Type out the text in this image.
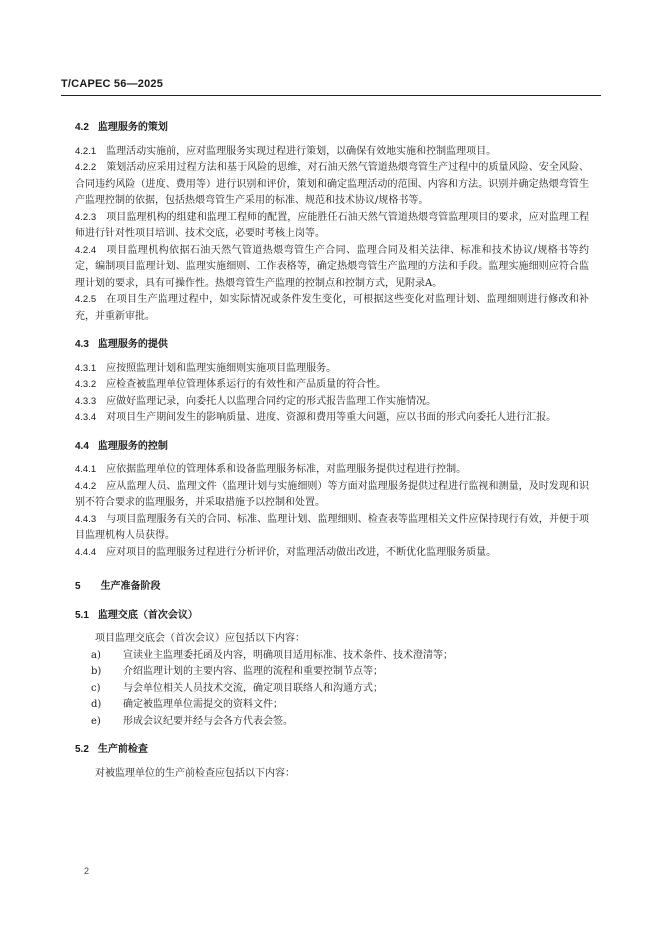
T/CAPEC 56—2025

4.2 监理服务的策划

4.2.1 监理活动实施前，应对监理服务实现过程进行策划，以确保有效地实施和控制监理项目。

4.2.2 策划活动应采用过程方法和基于风险的思维，对石油天然气管道热煨弯管生产过程中的质量风险、安全风险、合同违约风险（进度、费用等）进行识别和评价，策划和确定监理活动的范围、内容和方法。识别并确定热煨弯管生产监理控制的依据，包括热煨弯管生产采用的标准、规范和技术协议/规格书等。

4.2.3 项目监理机构的组建和监理工程师的配置，应能胜任石油天然气管道热煨弯管监理项目的要求，应对监理工程师进行针对性项目培训、技术交底，必要时考核上岗等。

4.2.4 项目监理机构依据石油天然气管道热煨弯管生产合同、监理合同及相关法律、标准和技术协议/规格书等约定，编制项目监理计划、监理实施细则、工作表格等，确定热煨弯管生产监理的方法和手段。监理实施细则应符合监理计划的要求，具有可操作性。热煨弯管生产监理的控制点和控制方式，见附录A。

4.2.5 在项目生产监理过程中，如实际情况或条件发生变化，可根据这些变化对监理计划、监理细则进行修改和补充，并重新审批。

4.3 监理服务的提供

4.3.1 应按照监理计划和监理实施细则实施项目监理服务。

4.3.2 应检查被监理单位管理体系运行的有效性和产品质量的符合性。

4.3.3 应做好监理记录，向委托人以监理合同约定的形式报告监理工作实施情况。

4.3.4 对项目生产期间发生的影响质量、进度、资源和费用等重大问题，应以书面的形式向委托人进行汇报。

4.4 监理服务的控制

4.4.1 应依据监理单位的管理体系和设备监理服务标准，对监理服务提供过程进行控制。

4.4.2 应从监理人员、监理文件（监理计划与实施细则）等方面对监理服务提供过程进行监视和测量，及时发现和识别不符合要求的监理服务，并采取措施予以控制和处置。

4.4.3 与项目监理服务有关的合同、标准、监理计划、监理细则、检查表等监理相关文件应保持现行有效，并便于项目监理机构人员获得。

4.4.4 应对项目的监理服务过程进行分析评价，对监理活动做出改进，不断优化监理服务质量。

5 生产准备阶段

5.1 监理交底（首次会议）

项目监理交底会（首次会议）应包括以下内容：

a) 宣读业主监理委托函及内容，明确项目适用标准、技术条件、技术澄清等；

b) 介绍监理计划的主要内容、监理的流程和重要控制节点等；

c) 与会单位相关人员技术交流，确定项目联络人和沟通方式；

d) 确定被监理单位需提交的资料文件；

e) 形成会议纪要并经与会各方代表会签。

5.2 生产前检查

对被监理单位的生产前检查应包括以下内容：

2
